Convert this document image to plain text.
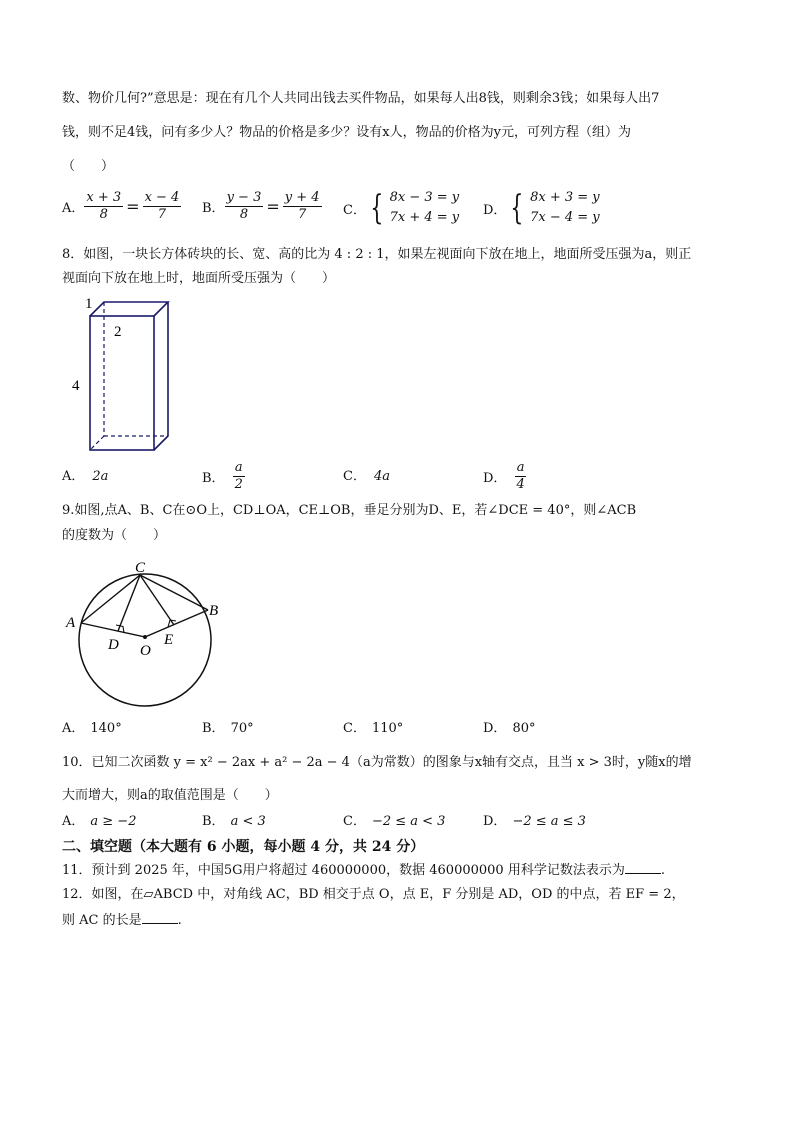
数、物价几何?”意思是：现在有几个人共同出钱去买件物品，如果每人出8钱，则剩余3钱；如果每人出7
钱，则不足4钱，问有多少人？物品的价格是多少？设有x人，物品的价格为y元，可列方程（组）为
（　　）
A． $\frac{x + 3}{8} = \frac{x - 4}{7}$ B． $\frac{y - 3}{8} = \frac{y + 4}{7}$ C． { 8x − 3 = y
7x + 4 = y D． { 8x + 3 = y
7x − 4 = y
8．如图，一块长方体砖块的长、宽、高的比为 4 : 2 : 1，如果左视面向下放在地上，地面所受压强为a，则正
视面向下放在地上时，地面所受压强为（　　）
1
2
4
A． 2a	B． $\frac{a}{2}$	C． 4a	D． $\frac{a}{4}$
9.如图,点A、B、C在⊙O上，CD⊥OA，CE⊥OB，垂足分别为D、E，若∠DCE = 40°，则∠ACB
的度数为（　　）
C
A
B
D O
E
A． 140°	B． 70°	C． 110°	D． 80°
10．已知二次函数 y = x² − 2ax + a² − 2a − 4（a为常数）的图象与x轴有交点，且当 x > 3时，y随x的增
大而增大，则a的取值范围是（　　）
A． a ≥ −2	B． a < 3	C． −2 ≤ a < 3	D． −2 ≤ a ≤ 3
二、填空题（本大题有 6 小题，每小题 4 分，共 24 分）
11．预计到 2025 年，中国5G用户将超过 460000000，数据 460000000 用科学记数法表示为	.
12．如图，在▱ABCD 中，对角线 AC，BD 相交于点 O，点 E，F 分别是 AD，OD 的中点，若 EF = 2，
则 AC 的长是	.
